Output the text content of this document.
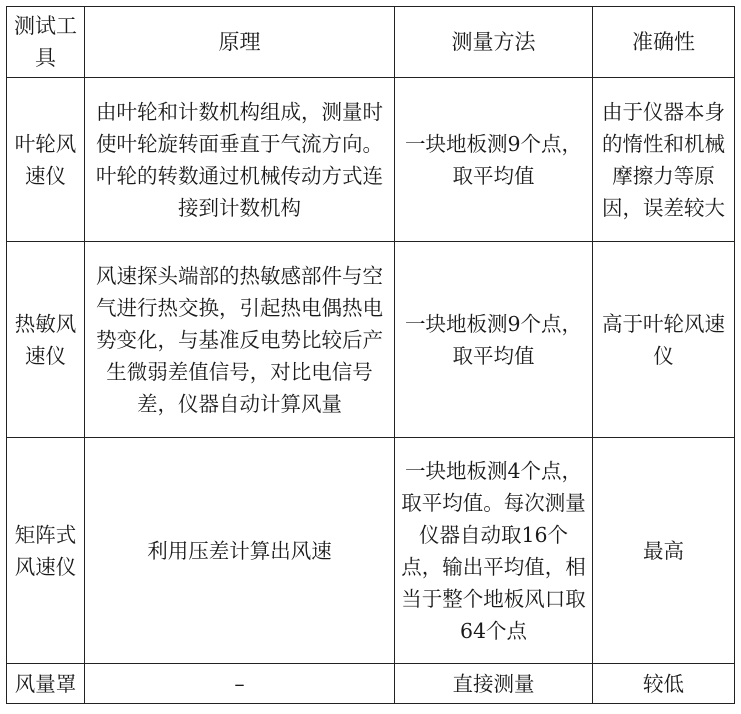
测试工具	原理	测量方法	准确性
叶轮风速仪	由叶轮和计数机构组成，测量时使叶轮旋转面垂直于气流方向。叶轮的转数通过机械传动方式连接到计数机构	一块地板测9个点，取平均值	由于仪器本身的惰性和机械摩擦力等原因，误差较大
热敏风速仪	风速探头端部的热敏感部件与空气进行热交换，引起热电偶热电势变化，与基准反电势比较后产生微弱差值信号，对比电信号差，仪器自动计算风量	一块地板测9个点，取平均值	高于叶轮风速仪
矩阵式风速仪	利用压差计算出风速	一块地板测4个点，取平均值。每次测量仪器自动取16个点，输出平均值，相当于整个地板风口取64个点	最高
风量罩	–	直接测量	较低
